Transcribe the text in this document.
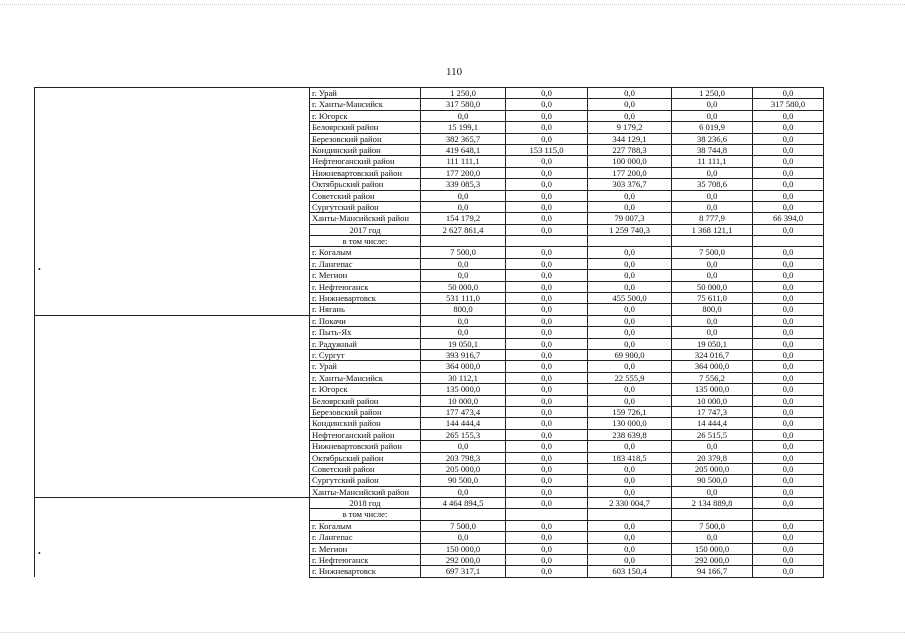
110
•
•
	г. Урай	1 250,0	0,0	0,0	1 250,0	0,0
	г. Ханты-Мансийск	317 580,0	0,0	0,0	0,0	317 580,0
	г. Югорск	0,0	0,0	0,0	0,0	0,0
	Белоярский район	15 199,1	0,0	9 179,2	6 019,9	0,0
	Березовский район	382 365,7	0,0	344 129,1	38 236,6	0,0
	Кондинский район	419 648,1	153 115,0	227 788,3	38 744,8	0,0
	Нефтеюганский район	111 111,1	0,0	100 000,0	11 111,1	0,0
	Нижневартовский район	177 200,0	0,0	177 200,0	0,0	0,0
	Октябрьский район	339 085,3	0,0	303 376,7	35 708,6	0,0
	Советский район	0,0	0,0	0,0	0,0	0,0
	Сургутский район	0,0	0,0	0,0	0,0	0,0
	Ханты-Мансийский район	154 179,2	0,0	79 007,3	8 777,9	66 394,0
	2017 год	2 627 861,4	0,0	1 259 740,3	1 368 121,1	0,0
	в том числе:					
	г. Когалым	7 500,0	0,0	0,0	7 500,0	0,0
	г. Лангепас	0,0	0,0	0,0	0,0	0,0
	г. Мегион	0,0	0,0	0,0	0,0	0,0
	г. Нефтеюганск	50 000,0	0,0	0,0	50 000,0	0,0
	г. Нижневартовск	531 111,0	0,0	455 500,0	75 611,0	0,0
	г. Нягань	800,0	0,0	0,0	800,0	0,0
	г. Покачи	0,0	0,0	0,0	0,0	0,0
	г. Пыть-Ях	0,0	0,0	0,0	0,0	0,0
	г. Радужный	19 050,1	0,0	0,0	19 050,1	0,0
	г. Сургут	393 916,7	0,0	69 900,0	324 016,7	0,0
	г. Урай	364 000,0	0,0	0,0	364 000,0	0,0
	г. Ханты-Мансийск	30 112,1	0,0	22 555,9	7 556,2	0,0
	г. Югорск	135 000,0	0,0	0,0	135 000,0	0,0
	Белоярский район	10 000,0	0,0	0,0	10 000,0	0,0
	Березовский район	177 473,4	0,0	159 726,1	17 747,3	0,0
	Кондинский район	144 444,4	0,0	130 000,0	14 444,4	0,0
	Нефтеюганский район	265 155,3	0,0	238 639,8	26 515,5	0,0
	Нижневартовский район	0,0	0,0	0,0	0,0	0,0
	Октябрьский район	203 798,3	0,0	183 418,5	20 379,8	0,0
	Советский район	205 000,0	0,0	0,0	205 000,0	0,0
	Сургутский район	90 500,0	0,0	0,0	90 500,0	0,0
	Ханты-Мансийский район	0,0	0,0	0,0	0,0	0,0
	2018 год	4 464 894,5	0,0	2 330 004,7	2 134 889,8	0,0
	в том числе:					
	г. Когалым	7 500,0	0,0	0,0	7 500,0	0,0
	г. Лангепас	0,0	0,0	0,0	0,0	0,0
	г. Мегион	150 000,0	0,0	0,0	150 000,0	0,0
	г. Нефтеюганск	292 000,0	0,0	0,0	292 000,0	0,0
	г. Нижневартовск	697 317,1	0,0	603 150,4	94 166,7	0,0
